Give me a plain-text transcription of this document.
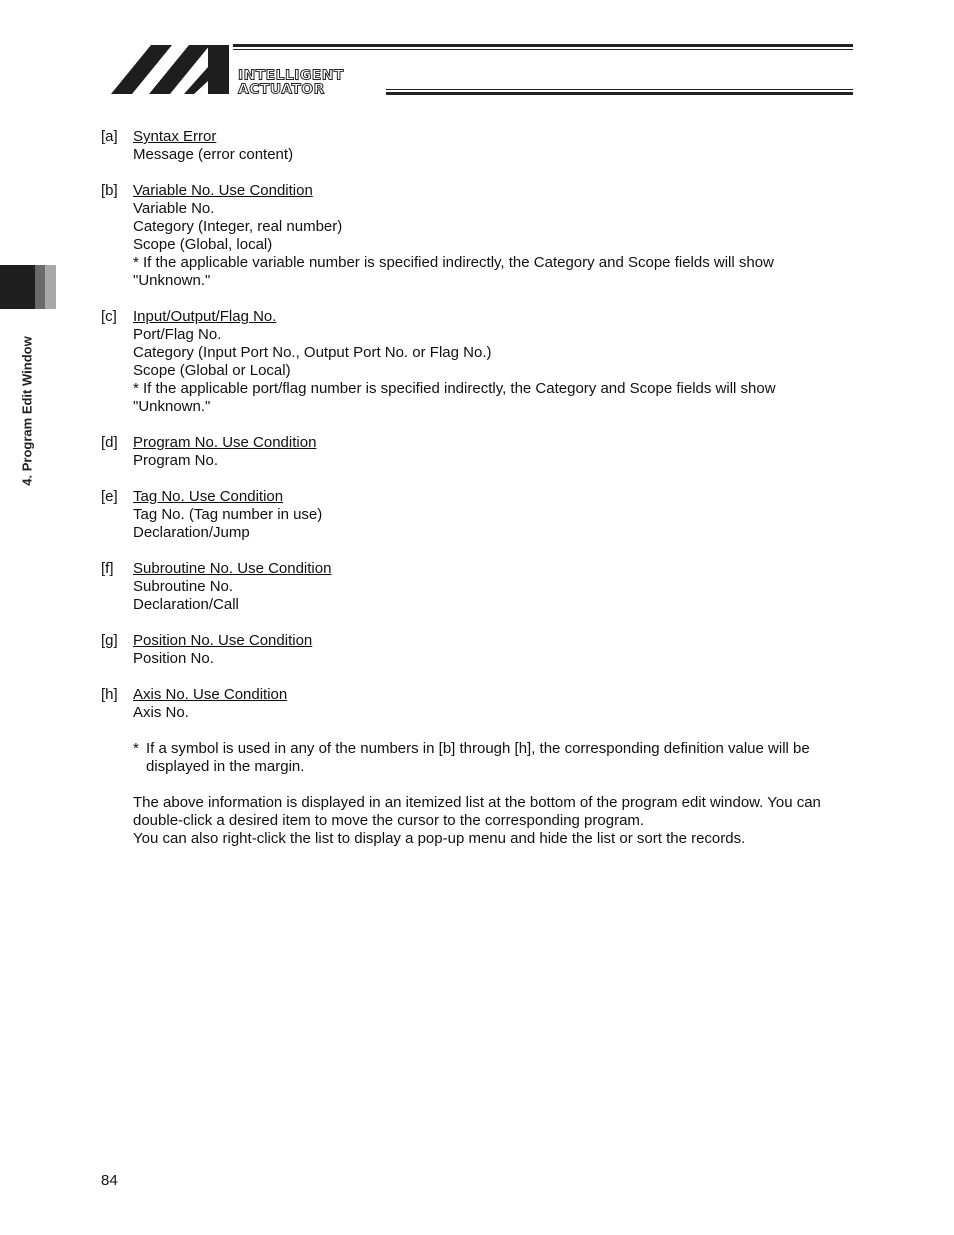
INTELLIGENT
ACTUATOR
4. Program Edit Window
[a]	Syntax Error
Message (error content)
[b]	Variable No. Use Condition
Variable No.
Category (Integer, real number)
Scope (Global, local)
* If the applicable variable number is specified indirectly, the Category and Scope fields will show
"Unknown."
[c]	Input/Output/Flag No.
Port/Flag No.
Category (Input Port No., Output Port No. or Flag No.)
Scope (Global or Local)
* If the applicable port/flag number is specified indirectly, the Category and Scope fields will show
"Unknown."
[d]	Program No. Use Condition
Program No.
[e]	Tag No. Use Condition
Tag No. (Tag number in use)
Declaration/Jump
[f]	Subroutine No. Use Condition
Subroutine No.
Declaration/Call
[g]	Position No. Use Condition
Position No.
[h]	Axis No. Use Condition
Axis No.
* If a symbol is used in any of the numbers in [b] through [h], the corresponding definition value will be
displayed in the margin.
The above information is displayed in an itemized list at the bottom of the program edit window. You can
double-click a desired item to move the cursor to the corresponding program.
You can also right-click the list to display a pop-up menu and hide the list or sort the records.
84
